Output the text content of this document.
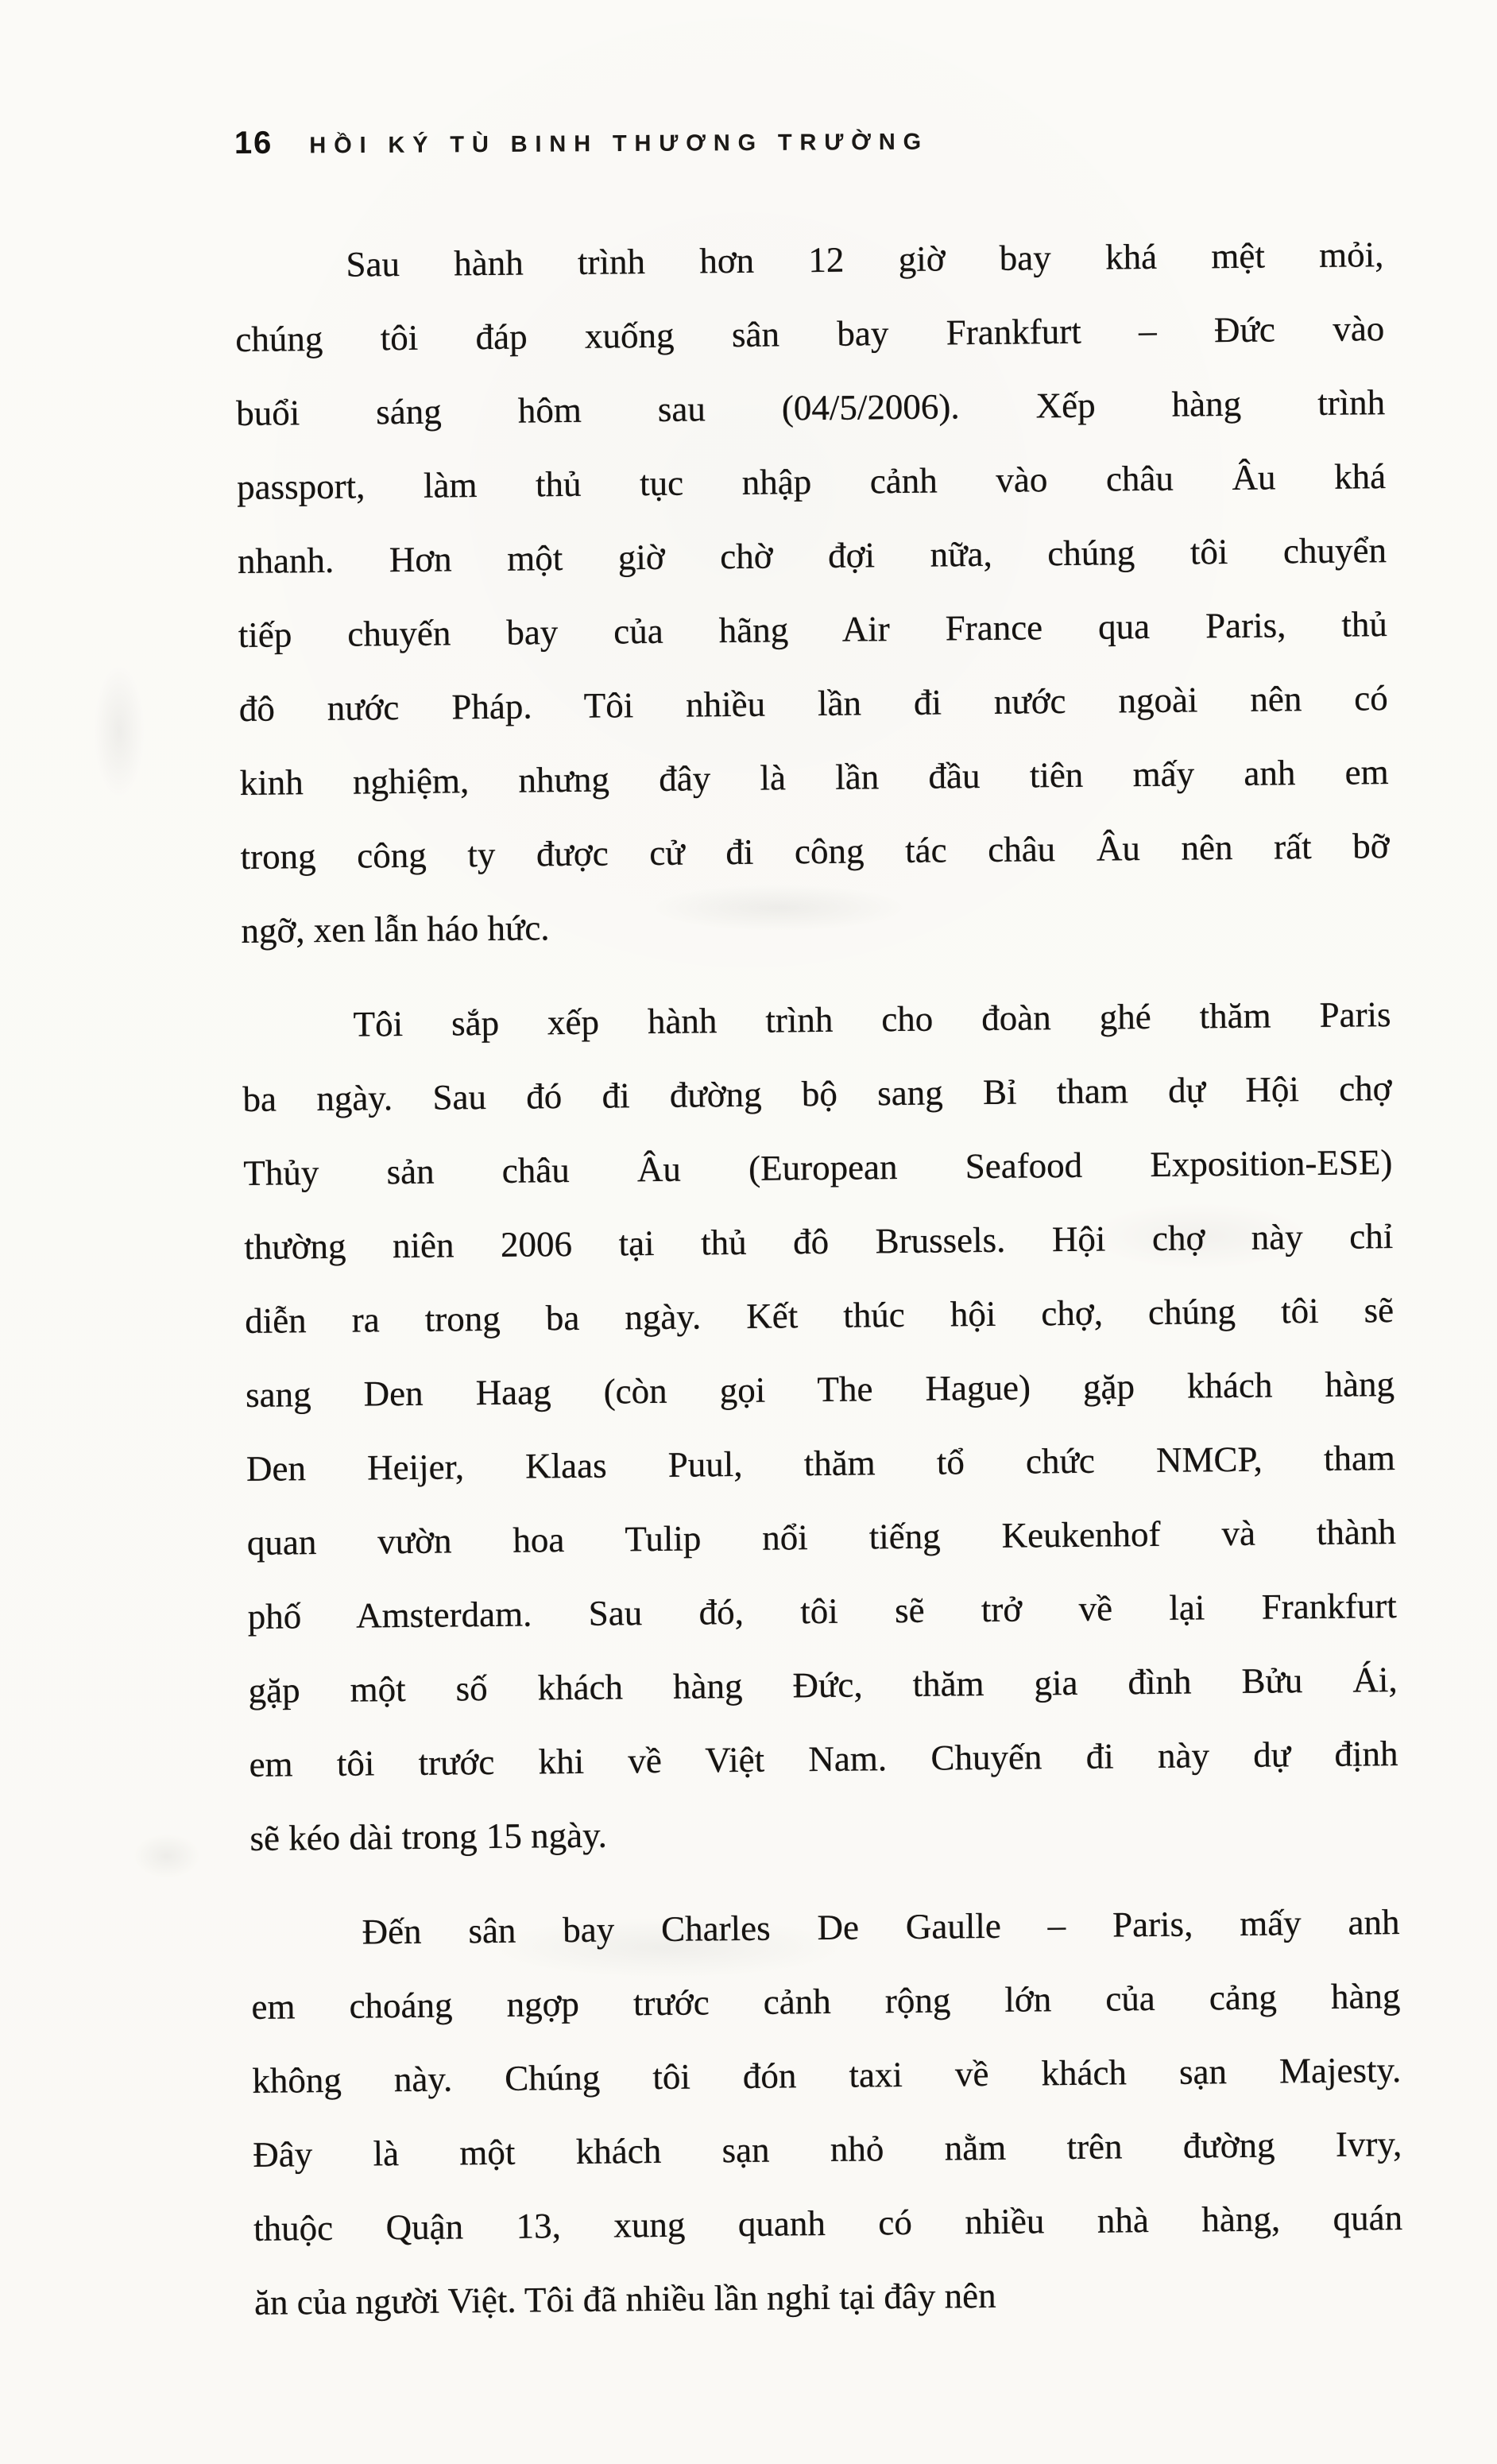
16 HỒI KÝ TÙ BINH THƯƠNG TRƯỜNG
Sau hành trình hơn 12 giờ bay khá mệt mỏi,
chúng tôi đáp xuống sân bay Frankfurt – Đức vào
buổi sáng hôm sau (04/5/2006). Xếp hàng trình
passport, làm thủ tục nhập cảnh vào châu Âu khá
nhanh. Hơn một giờ chờ đợi nữa, chúng tôi chuyển
tiếp chuyến bay của hãng Air France qua Paris, thủ
đô nước Pháp. Tôi nhiều lần đi nước ngoài nên có
kinh nghiệm, nhưng đây là lần đầu tiên mấy anh em
trong công ty được cử đi công tác châu Âu nên rất bỡ
ngỡ, xen lẫn háo hức.
Tôi sắp xếp hành trình cho đoàn ghé thăm Paris
ba ngày. Sau đó đi đường bộ sang Bỉ tham dự Hội chợ
Thủy sản châu Âu (European Seafood Exposition-ESE)
thường niên 2006 tại thủ đô Brussels. Hội chợ này chỉ
diễn ra trong ba ngày. Kết thúc hội chợ, chúng tôi sẽ
sang Den Haag (còn gọi The Hague) gặp khách hàng
Den Heijer, Klaas Puul, thăm tổ chức NMCP, tham
quan vườn hoa Tulip nổi tiếng Keukenhof và thành
phố Amsterdam. Sau đó, tôi sẽ trở về lại Frankfurt
gặp một số khách hàng Đức, thăm gia đình Bửu Ái,
em tôi trước khi về Việt Nam. Chuyến đi này dự định
sẽ kéo dài trong 15 ngày.
Đến sân bay Charles De Gaulle – Paris, mấy anh
em choáng ngợp trước cảnh rộng lớn của cảng hàng
không này. Chúng tôi đón taxi về khách sạn Majesty.
Đây là một khách sạn nhỏ nằm trên đường Ivry,
thuộc Quận 13, xung quanh có nhiều nhà hàng, quán
ăn của người Việt. Tôi đã nhiều lần nghỉ tại đây nên
